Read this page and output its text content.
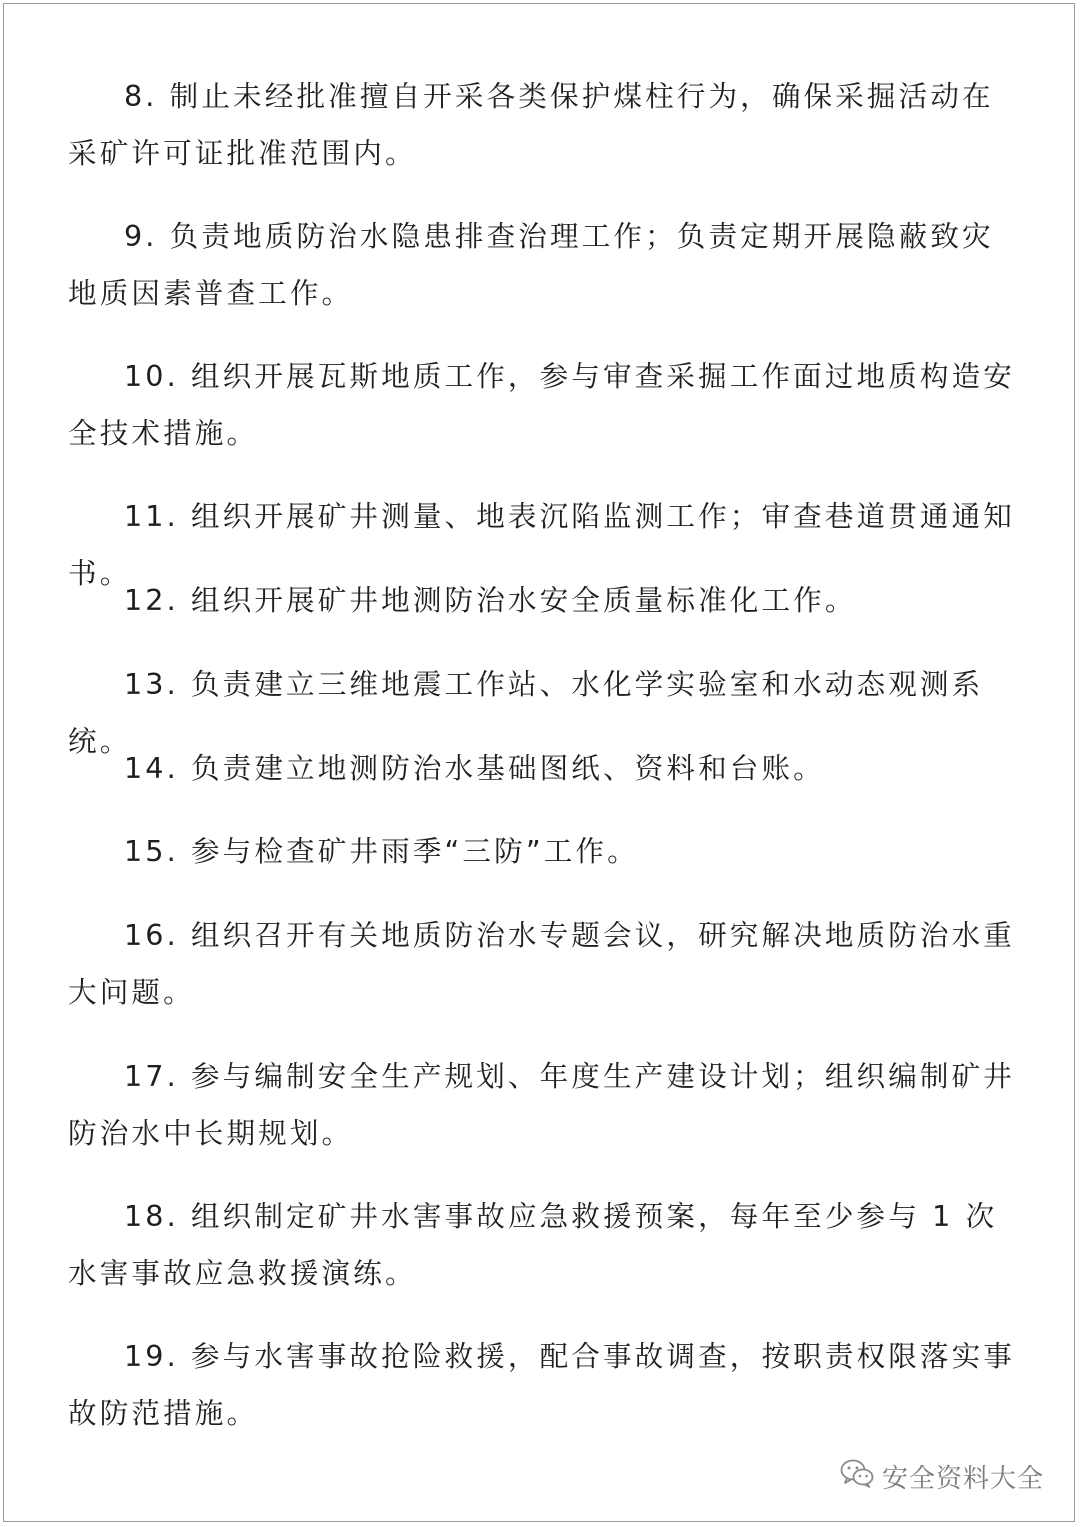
8. 制止未经批准擅自开采各类保护煤柱行为，确保采掘活动在采矿许可证批准范围内。

9. 负责地质防治水隐患排查治理工作；负责定期开展隐蔽致灾地质因素普查工作。

10. 组织开展瓦斯地质工作，参与审查采掘工作面过地质构造安全技术措施。

11. 组织开展矿井测量、地表沉陷监测工作；审查巷道贯通通知书。

12. 组织开展矿井地测防治水安全质量标准化工作。

13. 负责建立三维地震工作站、水化学实验室和水动态观测系统。

14. 负责建立地测防治水基础图纸、资料和台账。

15. 参与检查矿井雨季“三防”工作。

16. 组织召开有关地质防治水专题会议，研究解决地质防治水重大问题。

17. 参与编制安全生产规划、年度生产建设计划；组织编制矿井防治水中长期规划。

18. 组织制定矿井水害事故应急救援预案，每年至少参与 1 次水害事故应急救援演练。

19. 参与水害事故抢险救援，配合事故调查，按职责权限落实事故防范措施。

安全资料大全
